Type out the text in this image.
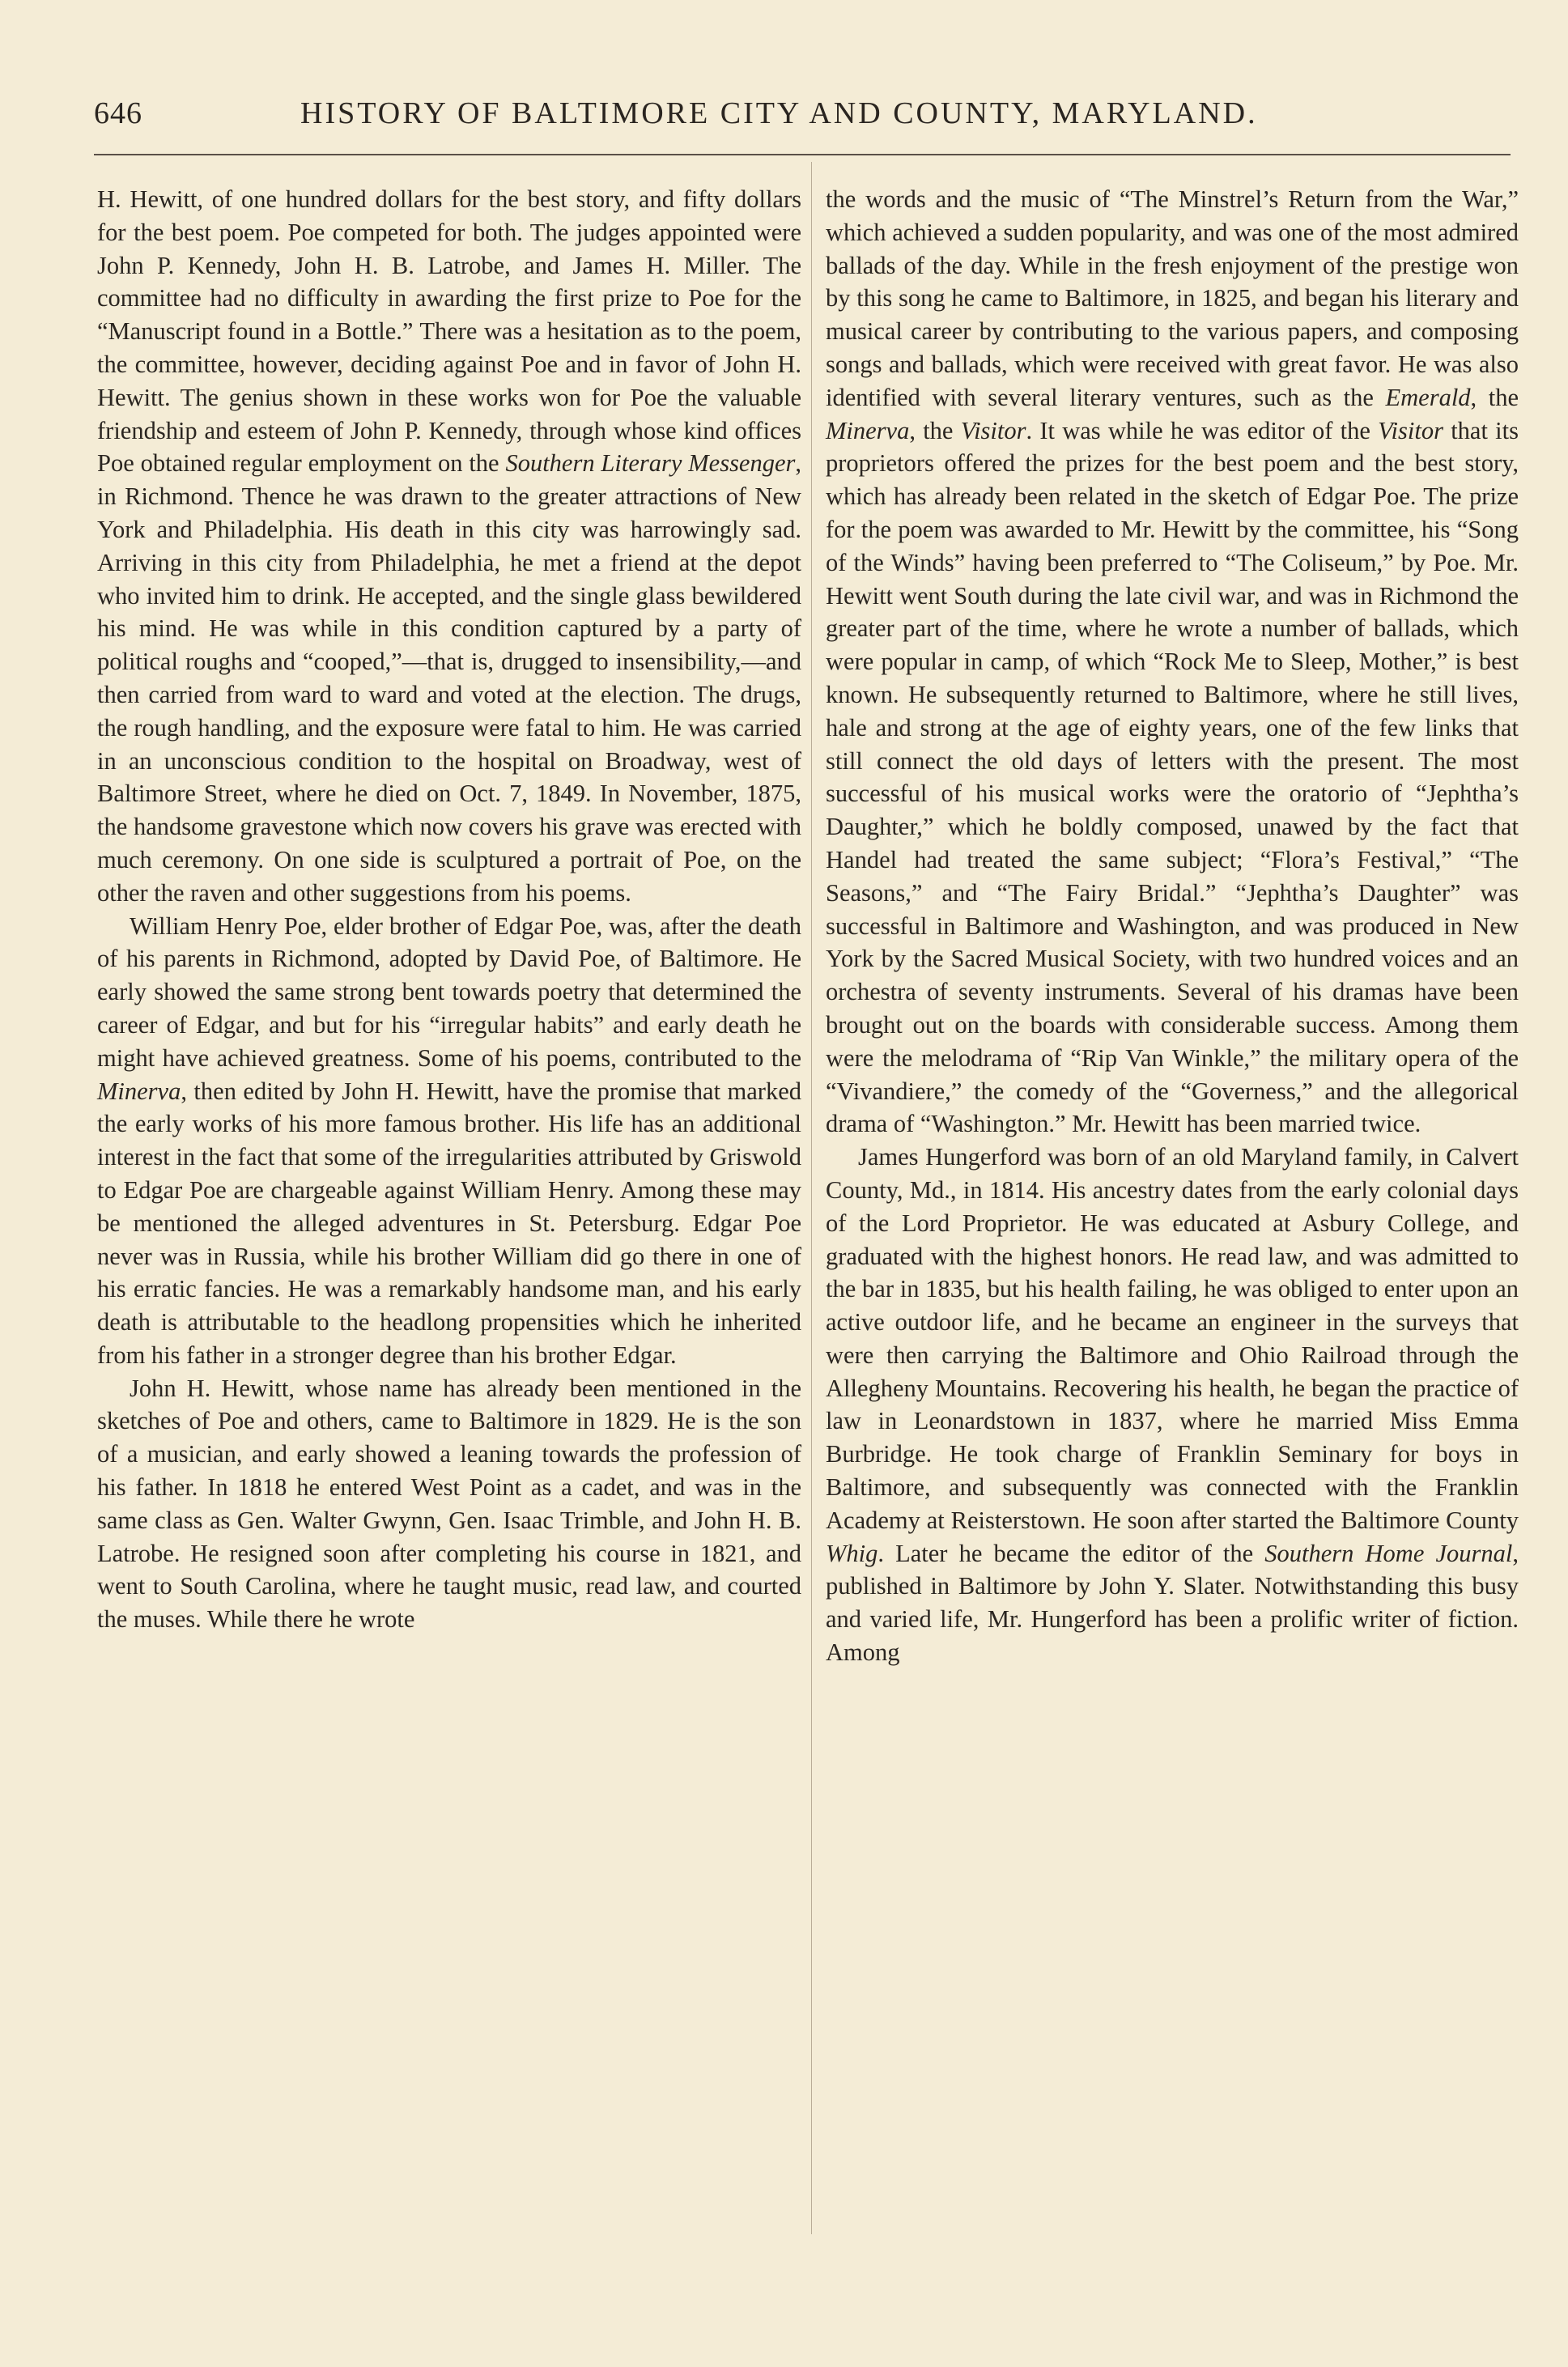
646	HISTORY OF BALTIMORE CITY AND COUNTY, MARYLAND.

H. Hewitt, of one hundred dollars for the best story, and fifty dollars for the best poem. Poe competed for both. The judges appointed were John P. Kennedy, John H. B. Latrobe, and James H. Miller. The committee had no difficulty in awarding the first prize to Poe for the “Manuscript found in a Bottle.” There was a hesitation as to the poem, the committee, however, deciding against Poe and in favor of John H. Hewitt. The genius shown in these works won for Poe the valuable friendship and esteem of John P. Kennedy, through whose kind offices Poe obtained regular employment on the Southern Literary Messenger, in Richmond. Thence he was drawn to the greater attractions of New York and Philadelphia. His death in this city was harrowingly sad. Arriving in this city from Philadelphia, he met a friend at the depot who invited him to drink. He accepted, and the single glass bewildered his mind. He was while in this condition captured by a party of political roughs and “cooped,”—that is, drugged to insensibility,—and then carried from ward to ward and voted at the election. The drugs, the rough handling, and the exposure were fatal to him. He was carried in an unconscious condition to the hospital on Broadway, west of Baltimore Street, where he died on Oct. 7, 1849. In November, 1875, the handsome gravestone which now covers his grave was erected with much ceremony. On one side is sculptured a portrait of Poe, on the other the raven and other suggestions from his poems.

William Henry Poe, elder brother of Edgar Poe, was, after the death of his parents in Richmond, adopted by David Poe, of Baltimore. He early showed the same strong bent towards poetry that determined the career of Edgar, and but for his “irregular habits” and early death he might have achieved greatness. Some of his poems, contributed to the Minerva, then edited by John H. Hewitt, have the promise that marked the early works of his more famous brother. His life has an additional interest in the fact that some of the irregularities attributed by Griswold to Edgar Poe are chargeable against William Henry. Among these may be mentioned the alleged adventures in St. Petersburg. Edgar Poe never was in Russia, while his brother William did go there in one of his erratic fancies. He was a remarkably handsome man, and his early death is attributable to the headlong propensities which he inherited from his father in a stronger degree than his brother Edgar.

John H. Hewitt, whose name has already been mentioned in the sketches of Poe and others, came to Baltimore in 1829. He is the son of a musician, and early showed a leaning towards the profession of his father. In 1818 he entered West Point as a cadet, and was in the same class as Gen. Walter Gwynn, Gen. Isaac Trimble, and John H. B. Latrobe. He resigned soon after completing his course in 1821, and went to South Carolina, where he taught music, read law, and courted the muses. While there he wrote

the words and the music of “The Minstrel’s Return from the War,” which achieved a sudden popularity, and was one of the most admired ballads of the day. While in the fresh enjoyment of the prestige won by this song he came to Baltimore, in 1825, and began his literary and musical career by contributing to the various papers, and composing songs and ballads, which were received with great favor. He was also identified with several literary ventures, such as the Emerald, the Minerva, the Visitor. It was while he was editor of the Visitor that its proprietors offered the prizes for the best poem and the best story, which has already been related in the sketch of Edgar Poe. The prize for the poem was awarded to Mr. Hewitt by the committee, his “Song of the Winds” having been preferred to “The Coliseum,” by Poe. Mr. Hewitt went South during the late civil war, and was in Richmond the greater part of the time, where he wrote a number of ballads, which were popular in camp, of which “Rock Me to Sleep, Mother,” is best known. He subsequently returned to Baltimore, where he still lives, hale and strong at the age of eighty years, one of the few links that still connect the old days of letters with the present. The most successful of his musical works were the oratorio of “Jephtha’s Daughter,” which he boldly composed, unawed by the fact that Handel had treated the same subject; “Flora’s Festival,” “The Seasons,” and “The Fairy Bridal.” “Jephtha’s Daughter” was successful in Baltimore and Washington, and was produced in New York by the Sacred Musical Society, with two hundred voices and an orchestra of seventy instruments. Several of his dramas have been brought out on the boards with considerable success. Among them were the melodrama of “Rip Van Winkle,” the military opera of the “Vivandiere,” the comedy of the “Governess,” and the allegorical drama of “Washington.” Mr. Hewitt has been married twice.

James Hungerford was born of an old Maryland family, in Calvert County, Md., in 1814. His ancestry dates from the early colonial days of the Lord Proprietor. He was educated at Asbury College, and graduated with the highest honors. He read law, and was admitted to the bar in 1835, but his health failing, he was obliged to enter upon an active outdoor life, and he became an engineer in the surveys that were then carrying the Baltimore and Ohio Railroad through the Allegheny Mountains. Recovering his health, he began the practice of law in Leonardstown in 1837, where he married Miss Emma Burbridge. He took charge of Franklin Seminary for boys in Baltimore, and subsequently was connected with the Franklin Academy at Reisterstown. He soon after started the Baltimore County Whig. Later he became the editor of the Southern Home Journal, published in Baltimore by John Y. Slater. Notwithstanding this busy and varied life, Mr. Hungerford has been a prolific writer of fiction. Among
